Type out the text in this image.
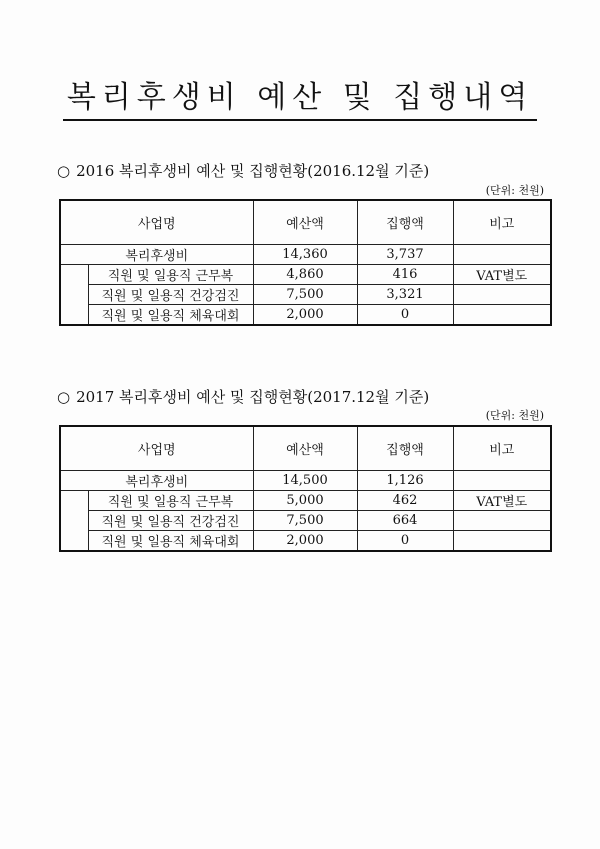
복리후생비 예산 및 집행내역
○ 2016 복리후생비 예산 및 집행현황(2016.12월 기준)
(단위: 천원)
사업명		예산액	집행액	비고
복리후생비		14,360	3,737	
	직원 및 일용직 근무복	4,860	416	VAT별도
	직원 및 일용직 건강검진	7,500	3,321	
	직원 및 일용직 체육대회	2,000	0	
○ 2017 복리후생비 예산 및 집행현황(2017.12월 기준)
(단위: 천원)
사업명		예산액	집행액	비고
복리후생비		14,500	1,126	
	직원 및 일용직 근무복	5,000	462	VAT별도
	직원 및 일용직 건강검진	7,500	664	
	직원 및 일용직 체육대회	2,000	0	
